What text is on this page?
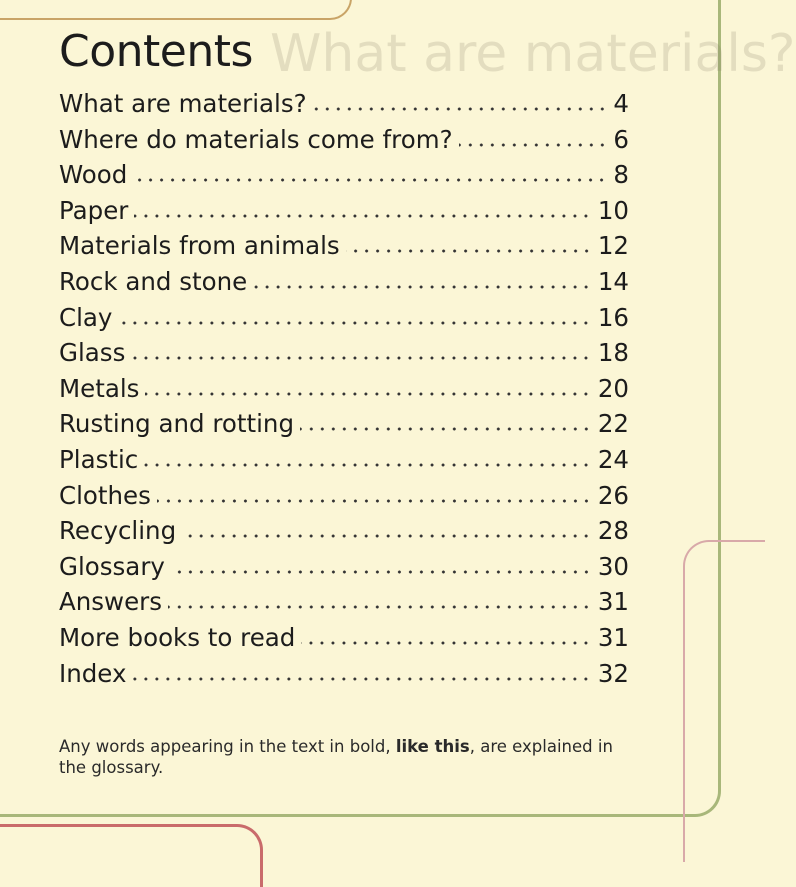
What are materials?
Contents
What are materials?	4
Where do materials come from?	6
Wood	8
Paper	10
Materials from animals	12
Rock and stone	14
Clay	16
Glass	18
Metals	20
Rusting and rotting	22
Plastic	24
Clothes	26
Recycling	28
Glossary	30
Answers	31
More books to read	31
Index	32
Any words appearing in the text in bold, like this, are explained in the glossary.
